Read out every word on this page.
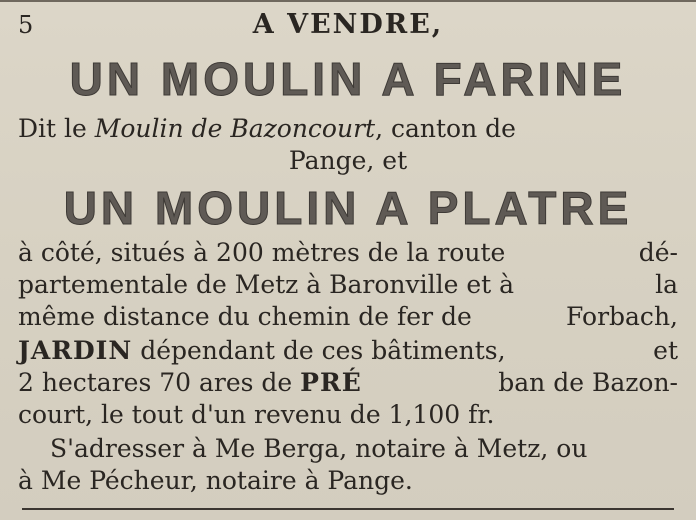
5	A VENDRE,
UN MOULIN A FARINE
Dit le Moulin de Bazoncourt, canton de
Pange, et
UN MOULIN A PLATRE
à côté, situés à 200 mètres de la route	dé-
partementale de Metz à Baronville et à	la
même distance du chemin de fer de	Forbach,
JARDIN dépendant de ces bâtiments,	et
2 hectares 70 ares de PRÉ	ban de Bazon-
court, le tout d'un revenu de 1,100 fr.
S'adresser à Me Berga, notaire à Metz, ou
à Me Pécheur, notaire à Pange.
